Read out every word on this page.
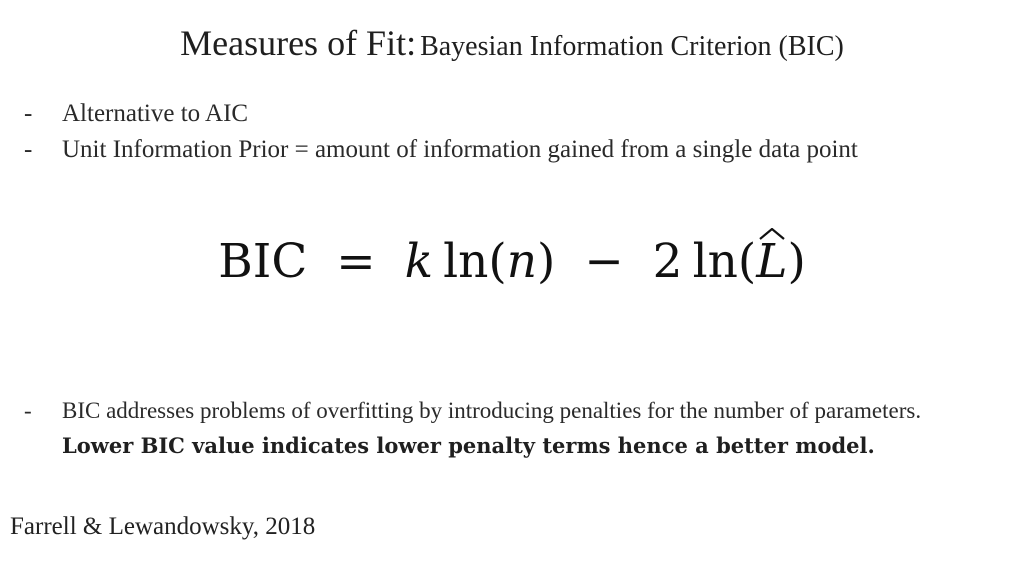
Measures of Fit: Bayesian Information Criterion (BIC)
- Alternative to AIC
- Unit Information Prior = amount of information gained from a single data point
BIC = k ln(n) − 2 ln(
L)
- BIC addresses problems of overfitting by introducing penalties for the number of parameters. Lower BIC value indicates lower penalty terms hence a better model.
Farrell & Lewandowsky, 2018
